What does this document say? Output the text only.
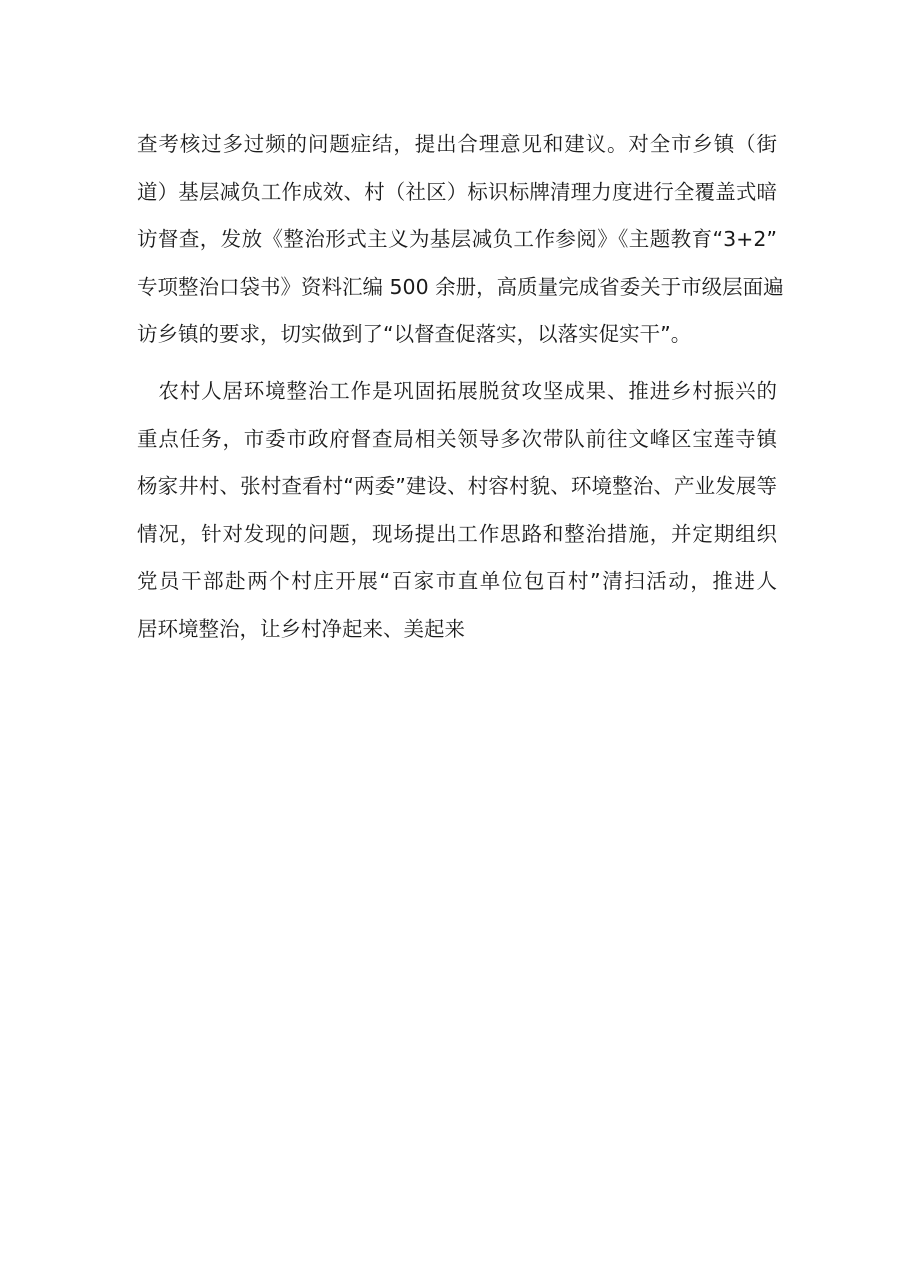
查考核过多过频的问题症结，提出合理意见和建议。对全市乡镇（街
道）基层减负工作成效、村（社区）标识标牌清理力度进行全覆盖式暗
访督查，发放《整治形式主义为基层减负工作参阅》《主题教育“3+2”
专项整治口袋书》资料汇编 500 余册，高质量完成省委关于市级层面遍
访乡镇的要求，切实做到了“以督查促落实，以落实促实干”。
　农村人居环境整治工作是巩固拓展脱贫攻坚成果、推进乡村振兴的
重点任务，市委市政府督查局相关领导多次带队前往文峰区宝莲寺镇
杨家井村、张村查看村“两委”建设、村容村貌、环境整治、产业发展等
情况，针对发现的问题，现场提出工作思路和整治措施，并定期组织
党员干部赴两个村庄开展“百家市直单位包百村”清扫活动，推进人
居环境整治，让乡村净起来、美起来
